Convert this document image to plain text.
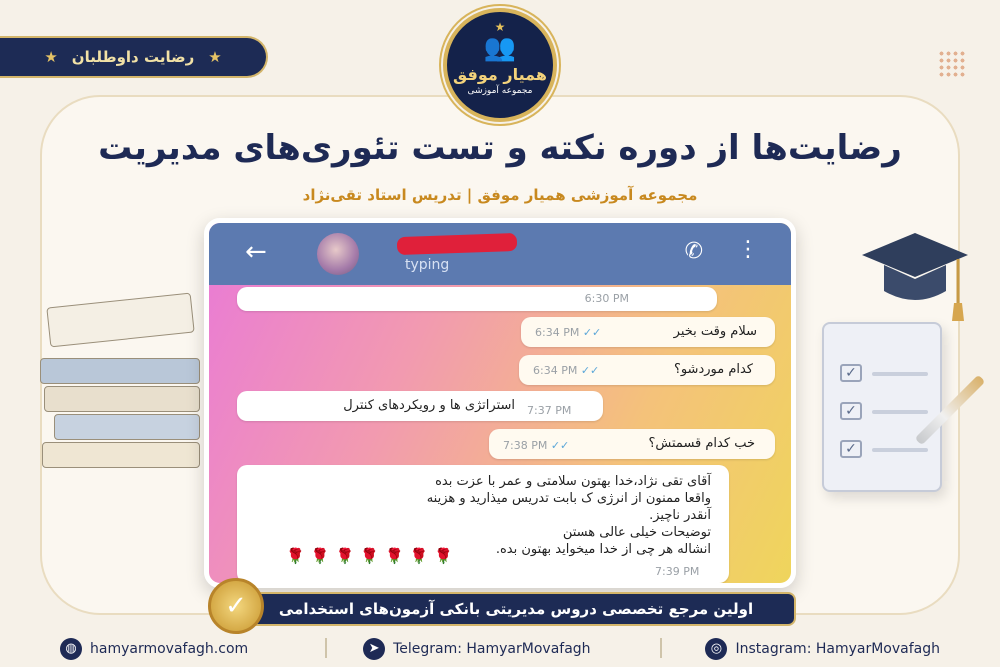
★ رضایت داوطلبان ★
★
👥
همیار موفق
مجموعه آموزشی
رضایت‌ها از دوره نکته و تست تئوری‌های مدیریت
مجموعه آموزشی همیار موفق | تدریس استاد تقی‌نژاد
✓
✓
✓
←	typing
✆ ⋮
6:30 PM
سلام وقت بخیر
6:34 PM ✓✓
کدام موردشو؟
6:34 PM ✓✓
استراتژی ها و رویکردهای کنترل 7:37 PM
خب کدام قسمتش؟
7:38 PM ✓✓
آقای تقی نژاد،خدا بهتون سلامتی و عمر با عزت بده
واقعا ممنون از انرژی ک بابت تدریس میذارید و هزینه
آنقدر ناچیز.
توضیحات خیلی عالی هستن
انشاله هر چی از خدا میخواید بهتون بده.
🌹🌹🌹🌹🌹🌹🌹
7:39 PM
اولین مرجع تخصصی دروس مدیریتی بانکی آزمون‌های استخدامی
✓
◍ hamyarmovafagh.com	➤ Telegram: HamyarMovafagh	◎ Instagram: HamyarMovafagh
